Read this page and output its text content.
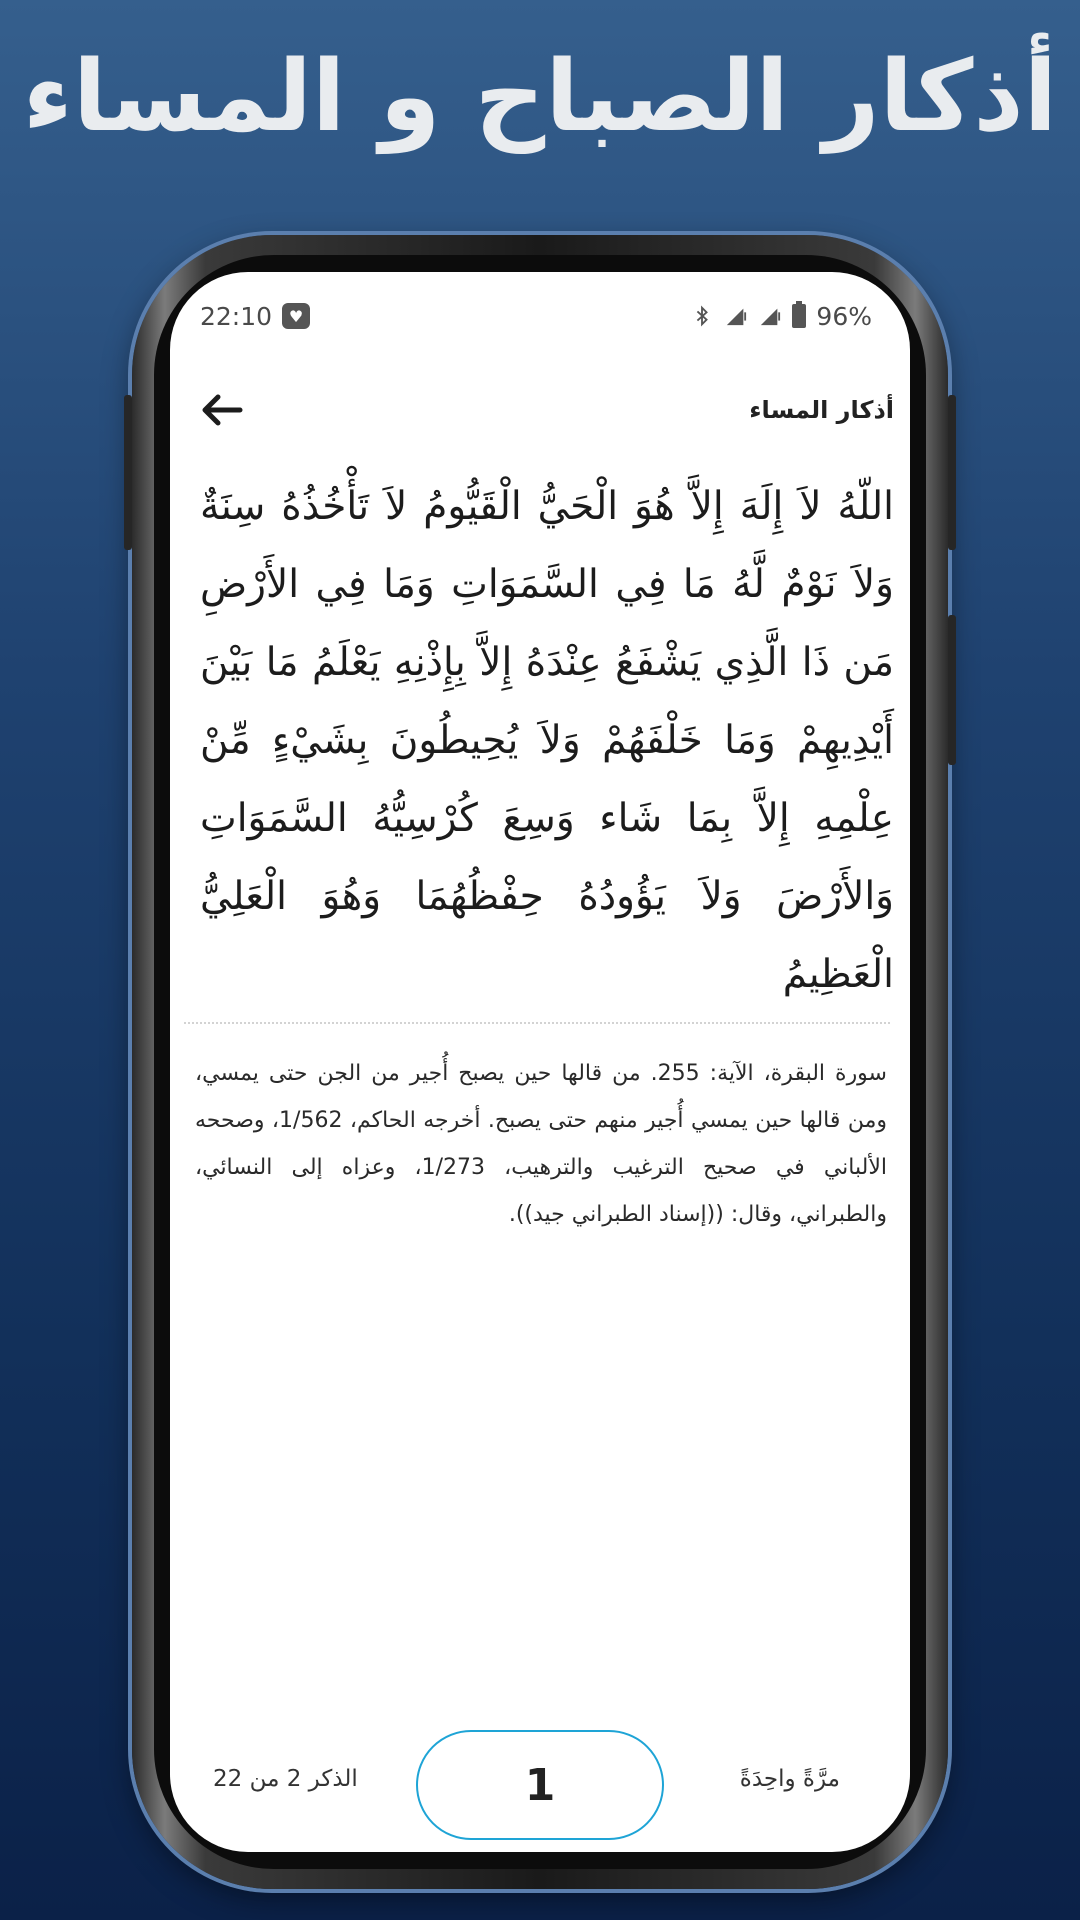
أذكار الصباح و المساء
22:10	♥	96%
أذكار المساء
اللّهُ لاَ إِلَهَ إِلاَّ هُوَ الْحَيُّ الْقَيُّومُ لاَ تَأْخُذُهُ سِنَةٌ وَلاَ نَوْمٌ لَّهُ مَا فِي السَّمَوَاتِ وَمَا فِي الأَرْضِ مَن ذَا الَّذِي يَشْفَعُ عِنْدَهُ إِلاَّ بِإِذْنِهِ يَعْلَمُ مَا بَيْنَ أَيْدِيهِمْ وَمَا خَلْفَهُمْ وَلاَ يُحِيطُونَ بِشَيْءٍ مِّنْ عِلْمِهِ إِلاَّ بِمَا شَاء وَسِعَ كُرْسِيُّهُ السَّمَوَاتِ وَالأَرْضَ وَلاَ يَؤُودُهُ حِفْظُهُمَا وَهُوَ الْعَلِيُّ الْعَظِيمُ
سورة البقرة، الآية: 255. من قالها حين يصبح أُجير من الجن حتى يمسي، ومن قالها حين يمسي أُجير منهم حتى يصبح. أخرجه الحاكم، 1/562، وصححه الألباني في صحيح الترغيب والترهيب، 1/273، وعزاه إلى النسائي، والطبراني، وقال: ((إسناد الطبراني جيد)).
الذكر 2 من 22	1	مرَّةً واحِدَةً
